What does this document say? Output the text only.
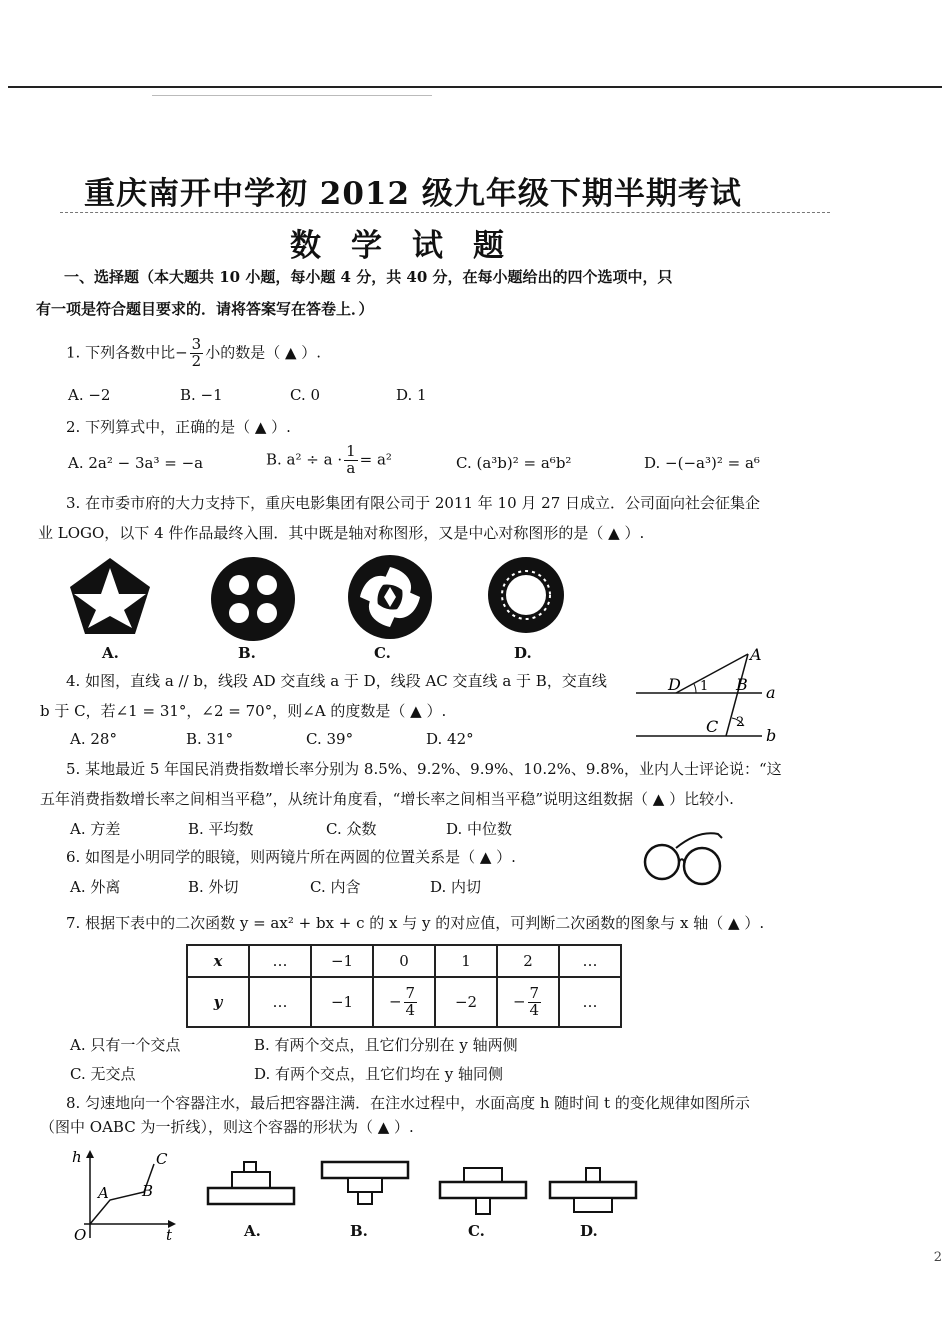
重庆南开中学初 2012 级九年级下期半期考试
数学试题
一、选择题（本大题共 10 小题，每小题 4 分，共 40 分，在每小题给出的四个选项中，只
有一项是符合题目要求的．请将答案写在答卷上．）
1. 下列各数中比− $\frac{3}{2}$ 小的数是（ ▲ ）.
A. −2	B. −1	C. 0	D. 1
2. 下列算式中，正确的是（ ▲ ）.
A. 2a² − 3a³ = −a	B. $a^2 \div a \cdot \frac{1}{a} = a^2$	C. (a³b)² = a⁶b²	D. −(−a³)² = a⁶
3. 在市委市府的大力支持下，重庆电影集团有限公司于 2011 年 10 月 27 日成立．公司面向社会征集企
业 LOGO，以下 4 件作品最终入围．其中既是轴对称图形，又是中心对称图形的是（ ▲ ）.
A.	B.	C.	D.
4. 如图，直线 a // b，线段 AD 交直线 a 于 D，线段 AC 交直线 a 于 B，交直线
b 于 C，若∠1 = 31°，∠2 = 70°，则∠A 的度数是（ ▲ ）.
A. 28°	B. 31°	C. 39°	D. 42°
A
D 1 B a
C 2
b
5. 某地最近 5 年国民消费指数增长率分别为 8.5%、9.2%、9.9%、10.2%、9.8%，业内人士评论说：“这
五年消费指数增长率之间相当平稳”，从统计角度看，“增长率之间相当平稳”说明这组数据（ ▲ ）比较小.
A. 方差	B. 平均数	C. 众数	D. 中位数
6. 如图是小明同学的眼镜，则两镜片所在两圆的位置关系是（ ▲ ）.
A. 外离	B. 外切	C. 内含	D. 内切
7. 根据下表中的二次函数 y = ax² + bx + c 的 x 与 y 的对应值，可判断二次函数的图象与 x 轴（ ▲ ）.
x	…	−1	0	1	2	…
y	…	−1	− $\frac{7}{4}$	−2	− $\frac{7}{4}$	…
A. 只有一个交点	B. 有两个交点，且它们分别在 y 轴两侧
C. 无交点	D. 有两个交点，且它们均在 y 轴同侧
8. 匀速地向一个容器注水，最后把容器注满．在注水过程中，水面高度 h 随时间 t 的变化规律如图所示
（图中 OABC 为一折线），则这个容器的形状为（ ▲ ）.
h	C
A B
O	t	A.	B.	C.	D.
2
